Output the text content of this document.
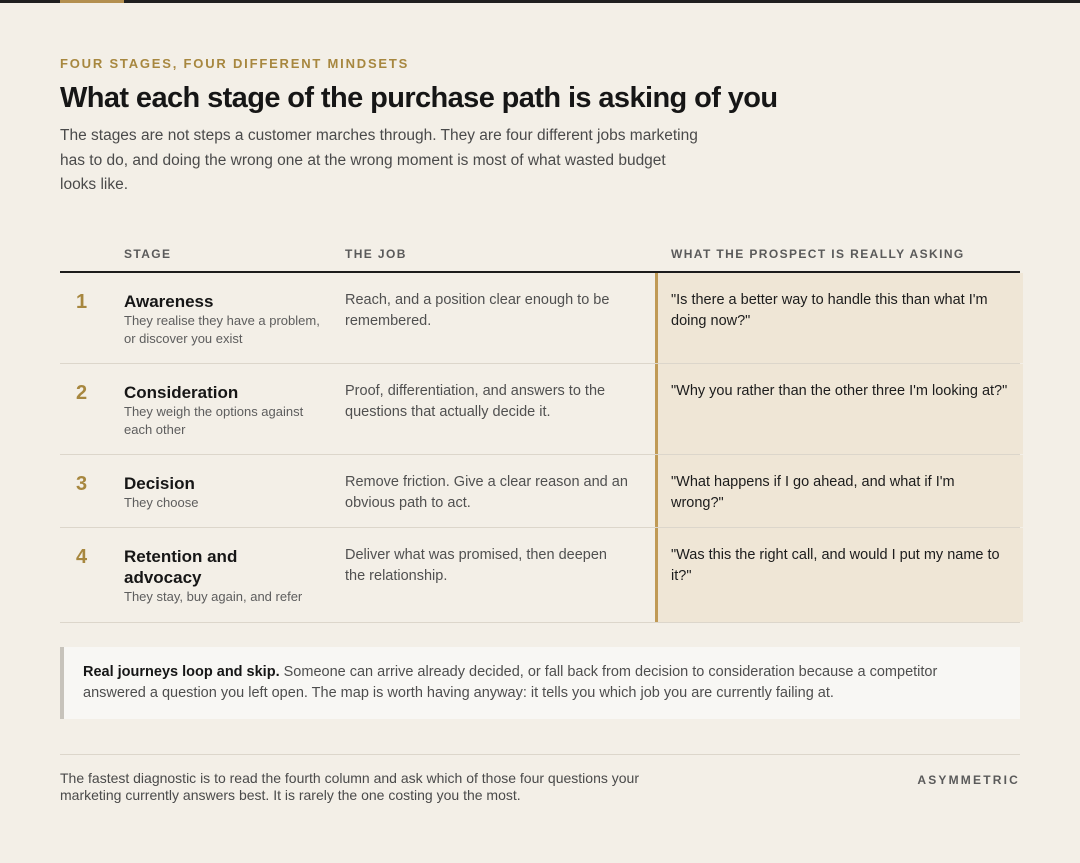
FOUR STAGES, FOUR DIFFERENT MINDSETS
What each stage of the purchase path is asking of you

The stages are not steps a customer marches through. They are four different jobs marketing has to do, and doing the wrong one at the wrong moment is most of what wasted budget looks like.

STAGE	THE JOB	WHAT THE PROSPECT IS REALLY ASKING
1 Awareness
They realise they have a problem, or discover you exist
Reach, and a position clear enough to be remembered.
"Is there a better way to handle this than what I'm doing now?"
2 Consideration
They weigh the options against each other
Proof, differentiation, and answers to the questions that actually decide it.
"Why you rather than the other three I'm looking at?"
3 Decision
They choose
Remove friction. Give a clear reason and an obvious path to act.
"What happens if I go ahead, and what if I'm wrong?"
4 Retention and advocacy
They stay, buy again, and refer
Deliver what was promised, then deepen the relationship.
"Was this the right call, and would I put my name to it?"

Real journeys loop and skip. Someone can arrive already decided, or fall back from decision to consideration because a competitor answered a question you left open. The map is worth having anyway: it tells you which job you are currently failing at.

The fastest diagnostic is to read the fourth column and ask which of those four questions your marketing currently answers best. It is rarely the one costing you the most.

ASYMMETRIC
